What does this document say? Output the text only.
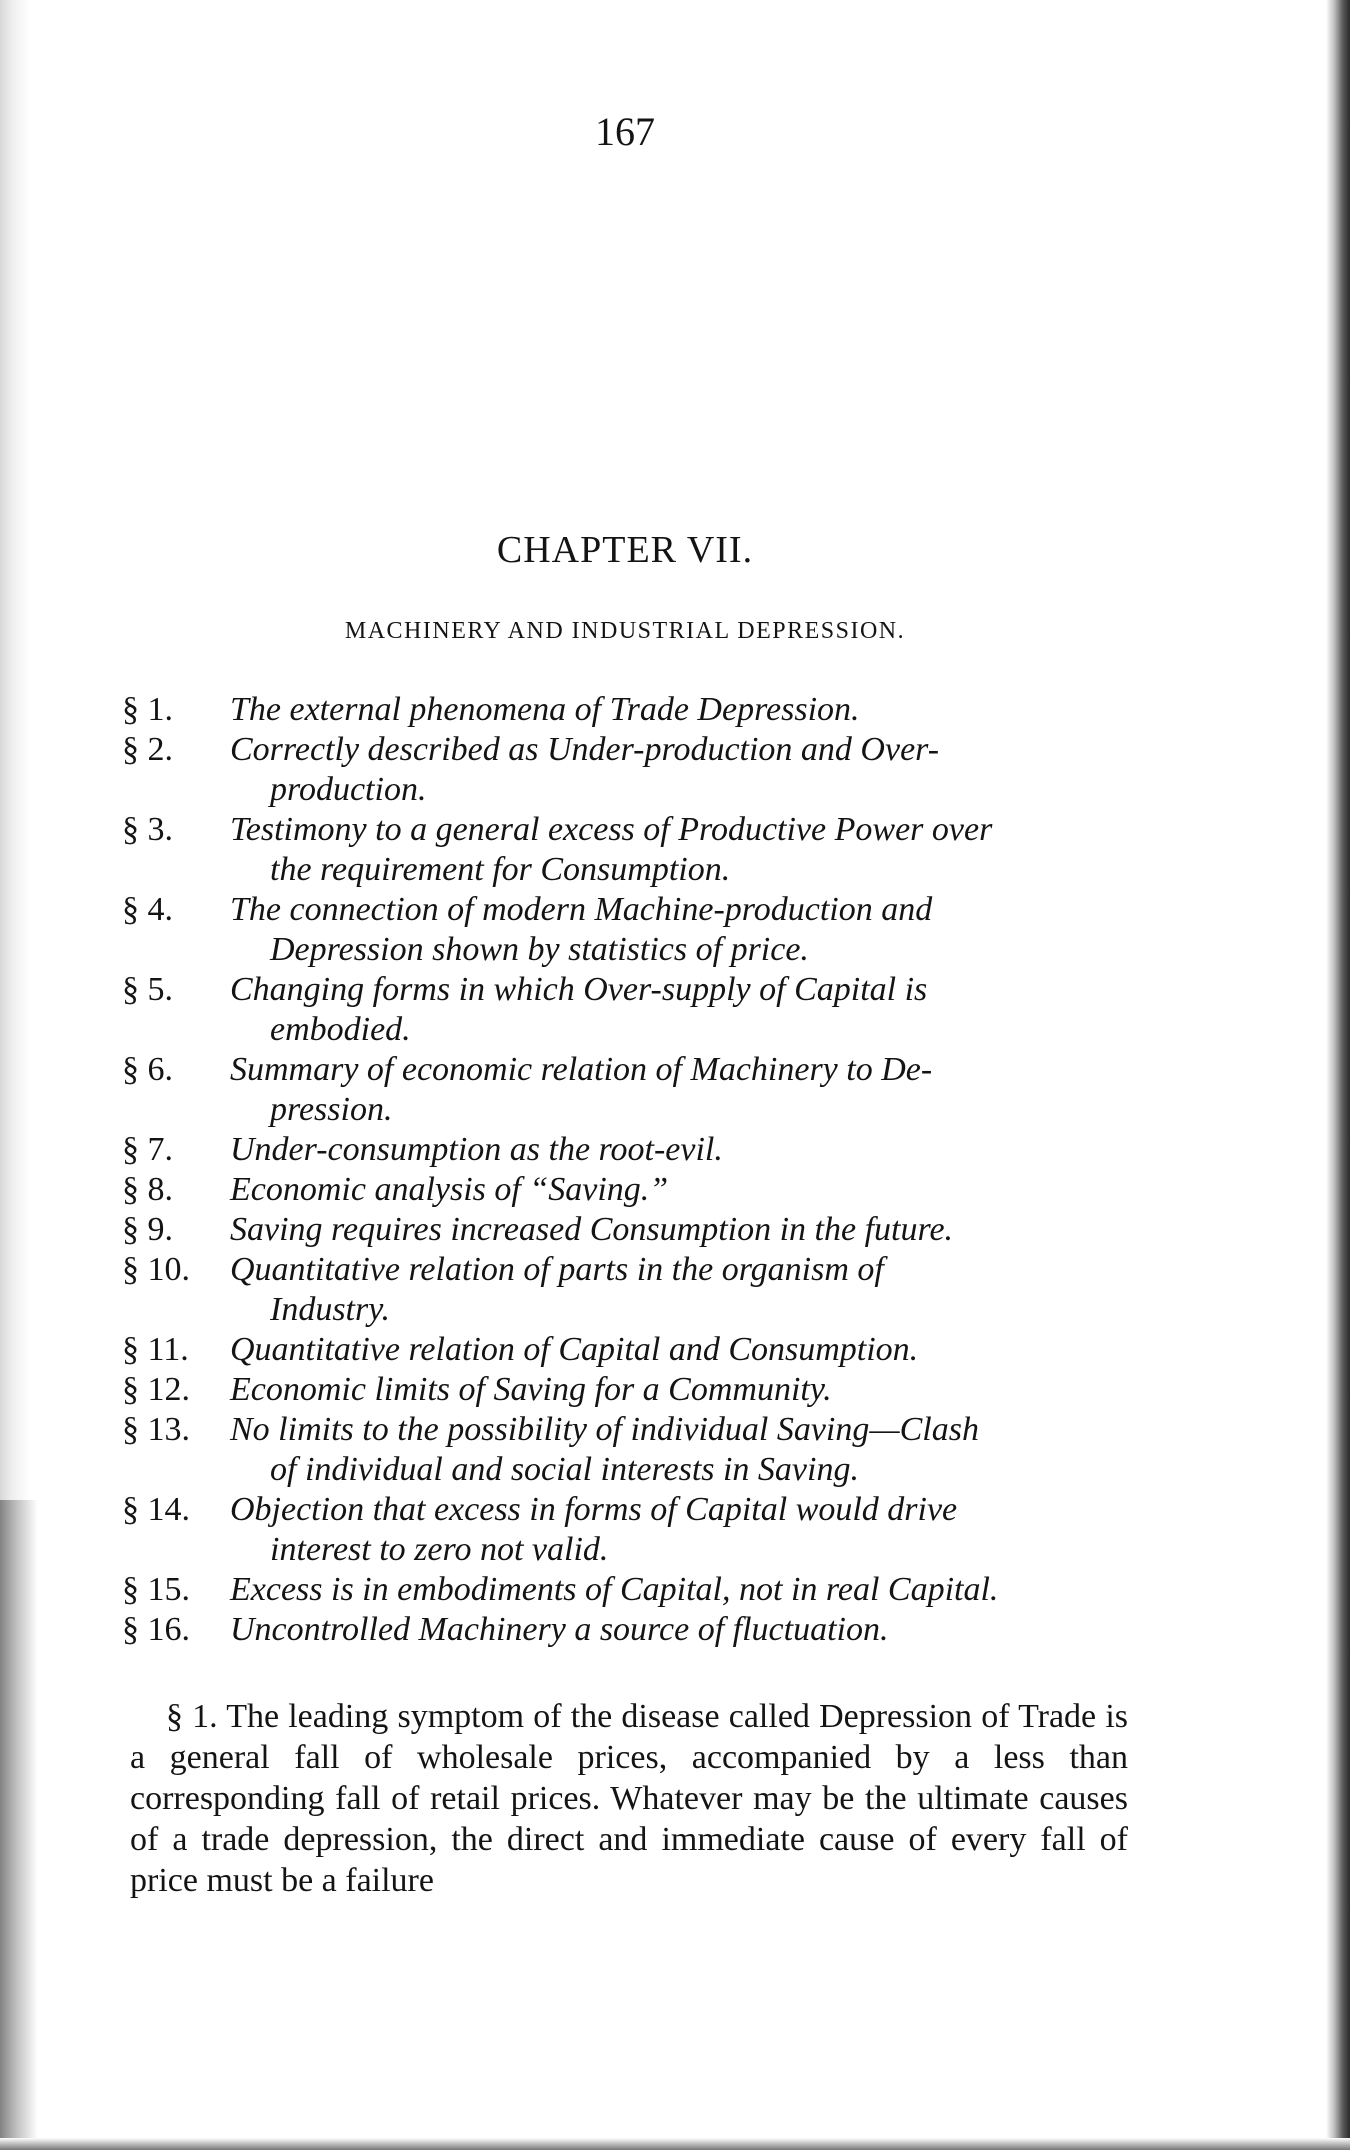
167
CHAPTER VII.
MACHINERY AND INDUSTRIAL DEPRESSION.
§ 1.	The external phenomena of Trade Depression.
§ 2.	Correctly described as Under-production and Over-
production.
§ 3.	Testimony to a general excess of Productive Power over
the requirement for Consumption.
§ 4.	The connection of modern Machine-production and
Depression shown by statistics of price.
§ 5.	Changing forms in which Over-supply of Capital is
embodied.
§ 6.	Summary of economic relation of Machinery to De-
pression.
§ 7.	Under-consumption as the root-evil.
§ 8.	Economic analysis of “Saving.”
§ 9.	Saving requires increased Consumption in the future.
§ 10.	Quantitative relation of parts in the organism of
Industry.
§ 11.	Quantitative relation of Capital and Consumption.
§ 12.	Economic limits of Saving for a Community.
§ 13.	No limits to the possibility of individual Saving—Clash
of individual and social interests in Saving.
§ 14.	Objection that excess in forms of Capital would drive
interest to zero not valid.
§ 15.	Excess is in embodiments of Capital, not in real Capital.
§ 16.	Uncontrolled Machinery a source of fluctuation.

§ 1. The leading symptom of the disease called Depression of Trade is a general fall of wholesale prices, accompanied by a less than corresponding fall of retail prices. Whatever may be the ultimate causes of a trade depression, the direct and immediate cause of every fall of price must be a failure
